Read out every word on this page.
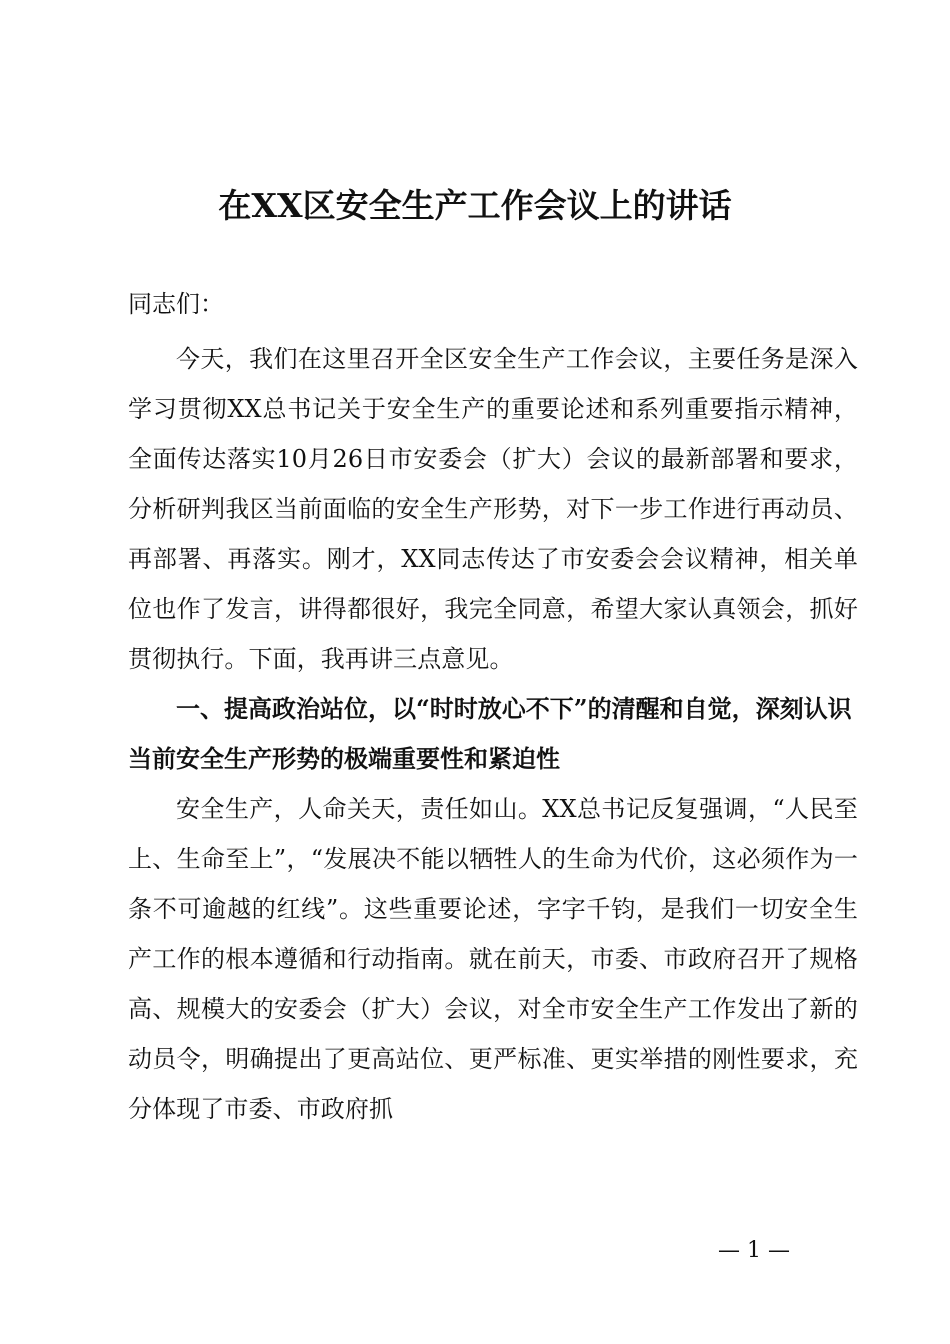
在XX区安全生产工作会议上的讲话
同志们：

今天，我们在这里召开全区安全生产工作会议，主要任务是深入学习贯彻XX总书记关于安全生产的重要论述和系列重要指示精神，全面传达落实10月26日市安委会（扩大）会议的最新部署和要求，分析研判我区当前面临的安全生产形势，对下一步工作进行再动员、再部署、再落实。刚才，XX同志传达了市安委会会议精神，相关单位也作了发言，讲得都很好，我完全同意，希望大家认真领会，抓好贯彻执行。下面，我再讲三点意见。

一、提高政治站位，以“时时放心不下”的清醒和自觉，深刻认识当前安全生产形势的极端重要性和紧迫性

安全生产，人命关天，责任如山。XX总书记反复强调，“人民至上、生命至上”，“发展决不能以牺牲人的生命为代价，这必须作为一条不可逾越的红线”。这些重要论述，字字千钧，是我们一切安全生产工作的根本遵循和行动指南。就在前天，市委、市政府召开了规格高、规模大的安委会（扩大）会议，对全市安全生产工作发出了新的动员令，明确提出了更高站位、更严标准、更实举措的刚性要求，充分体现了市委、市政府抓

— 1 —
